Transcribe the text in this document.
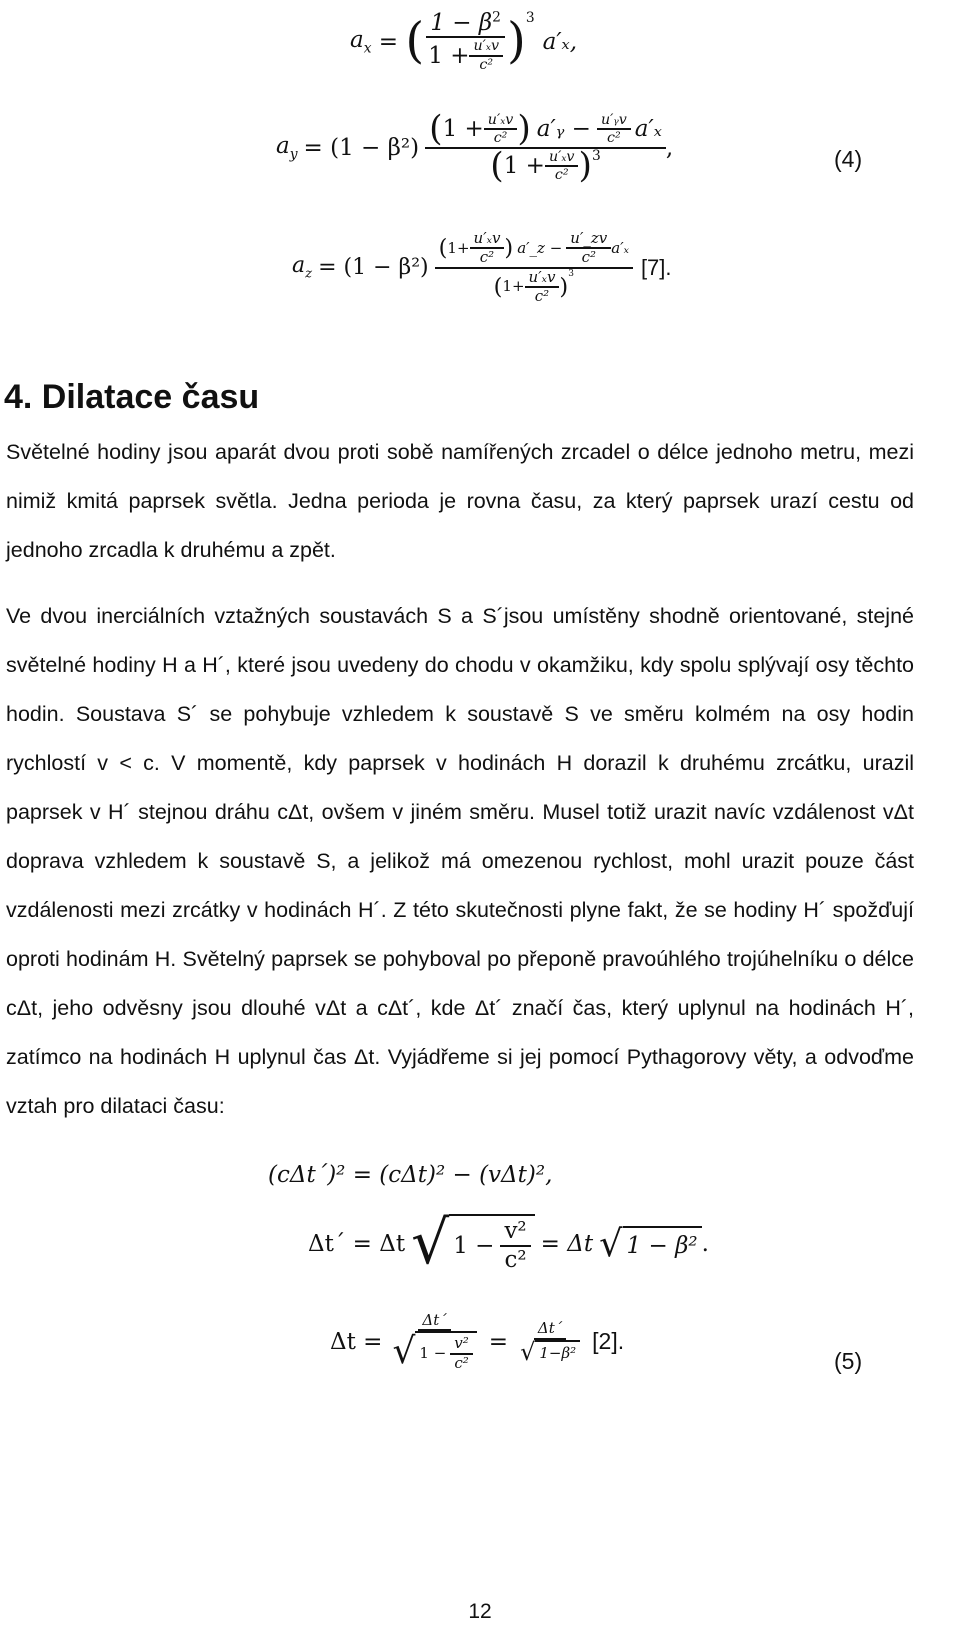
$a_x$ = ( $\frac{1 - \beta^2}{1 + \frac{\text{u′ₓv}}{\text{c²}}}$ ) 3
a′ₓ,
$a_y = (1 - \beta^2)$ ( $1 + \frac{\text{u′ₓv}}{\text{c²}}$ ) a′ᵧ − $\frac{\text{u′ᵧv}}{\text{c²}} a'_x$
( $1 + \frac{\text{u′ₓv}}{\text{c²}}$ ) 3	,	(4)
$a_z = (1 - \beta^2)$
( $1+ \frac{\text{u′ₓv}}{\text{c²}}$ ) a′_z − $\frac{u'\_zv}{\text{c²}} a'_x$
( $1+ \frac{\text{u′ₓv}}{\text{c²}}$ )
3	[7].
4. Dilatace času

Světelné hodiny jsou aparát dvou proti sobě namířených zrcadel o délce jednoho metru, mezi nimiž kmitá paprsek světla. Jedna perioda je rovna času, za který paprsek urazí cestu od jednoho zrcadla k druhému a zpět.

Ve dvou inerciálních vztažných soustavách S a S´jsou umístěny shodně orientované, stejné světelné hodiny H a H´, které jsou uvedeny do chodu v okamžiku, kdy spolu splývají osy těchto hodin. Soustava S´ se pohybuje vzhledem k soustavě S ve směru kolmém na osy hodin rychlostí v < c. V momentě, kdy paprsek v hodinách H dorazil k druhému zrcátku, urazil paprsek v H´ stejnou dráhu cΔt, ovšem v jiném směru. Musel totiž urazit navíc vzdálenost vΔt doprava vzhledem k soustavě S, a jelikož má omezenou rychlost, mohl urazit pouze část vzdálenosti mezi zrcátky v hodinách H´. Z této skutečnosti plyne fakt, že se hodiny H´ spožďují oproti hodinám H. Světelný paprsek se pohyboval po přeponě pravoúhlého trojúhelníku o délce cΔt, jeho odvěsny jsou dlouhé vΔt a cΔt´, kde Δt´ značí čas, který uplynul na hodinách H´, zatímco na hodinách H uplynul čas Δt. Vyjádřeme si jej pomocí Pythagorovy věty, a odvoďme vztah pro dilataci času:

(cΔt´)² = (cΔt)² − (vΔt)²,
Δt´ = Δt √ $1 - \frac{\text{v²}}{\text{c²}} = \Delta t$ √ 1 − β² .
$\Delta t = \frac{\Delta t´}{√ 1 - \frac{\text{v²}}{\text{c²}}} = \frac{\Delta t´}{\text{√ 1−β²}} [2]$.
(5)
12
